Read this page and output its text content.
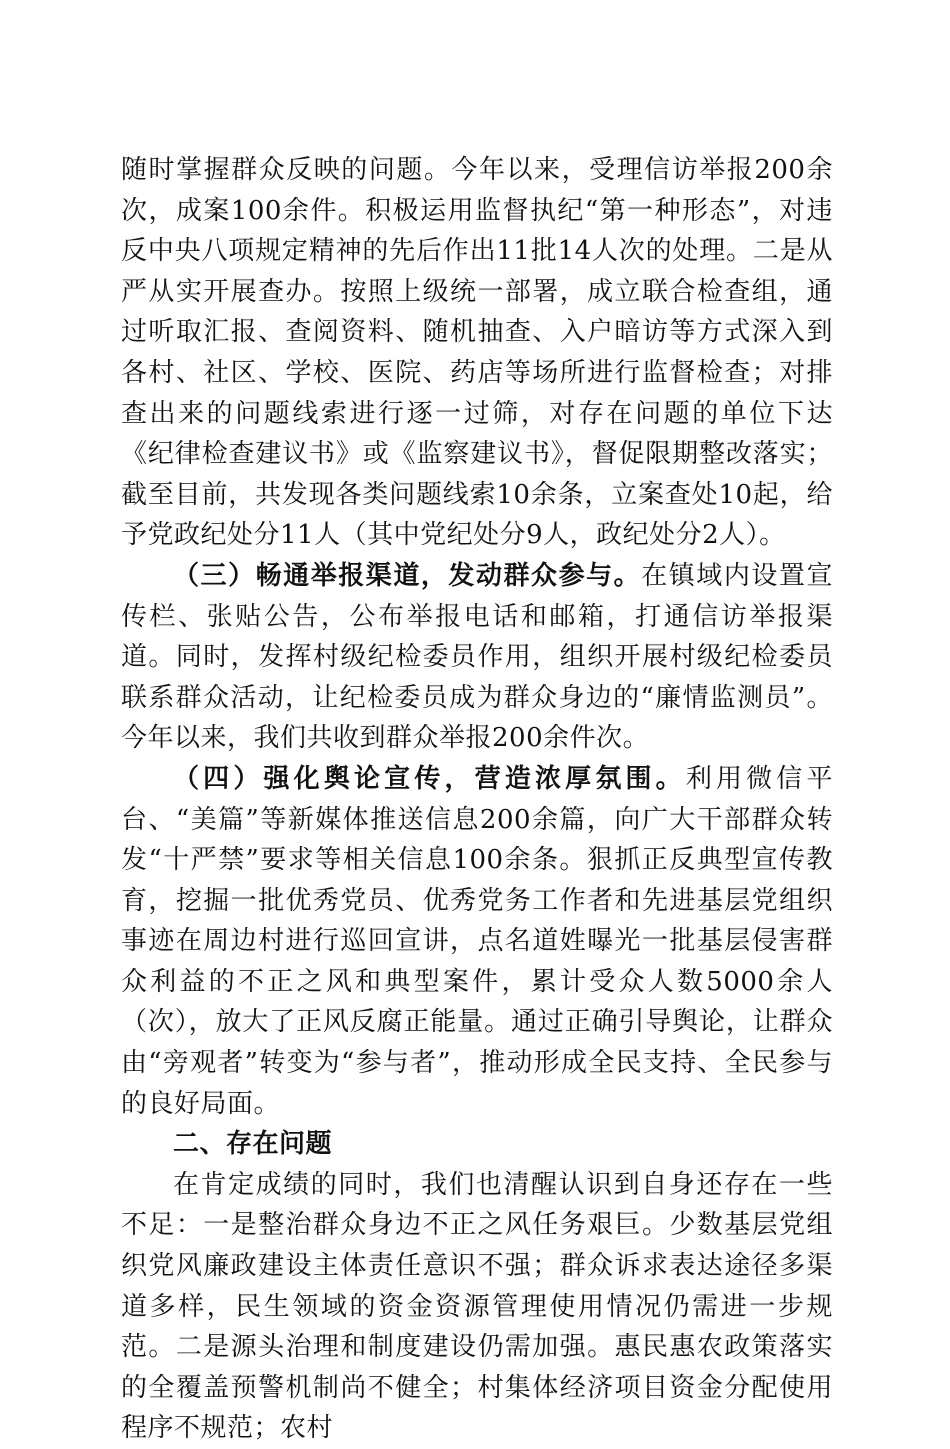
随时掌握群众反映的问题。今年以来，受理信访举报200余次，成案100余件。积极运用监督执纪“第一种形态”，对违反中央八项规定精神的先后作出11批14人次的处理。二是从严从实开展查办。按照上级统一部署，成立联合检查组，通过听取汇报、查阅资料、随机抽查、入户暗访等方式深入到各村、社区、学校、医院、药店等场所进行监督检查；对排查出来的问题线索进行逐一过筛，对存在问题的单位下达《纪律检查建议书》或《监察建议书》，督促限期整改落实；截至目前，共发现各类问题线索10余条，立案查处10起，给予党政纪处分11人（其中党纪处分9人，政纪处分2人）。

（三）畅通举报渠道，发动群众参与。在镇域内设置宣传栏、张贴公告，公布举报电话和邮箱，打通信访举报渠道。同时，发挥村级纪检委员作用，组织开展村级纪检委员联系群众活动，让纪检委员成为群众身边的“廉情监测员”。今年以来，我们共收到群众举报200余件次。

（四）强化舆论宣传，营造浓厚氛围。利用微信平台、“美篇”等新媒体推送信息200余篇，向广大干部群众转发“十严禁”要求等相关信息100余条。狠抓正反典型宣传教育，挖掘一批优秀党员、优秀党务工作者和先进基层党组织事迹在周边村进行巡回宣讲，点名道姓曝光一批基层侵害群众利益的不正之风和典型案件，累计受众人数5000余人（次），放大了正风反腐正能量。通过正确引导舆论，让群众由“旁观者”转变为“参与者”，推动形成全民支持、全民参与的良好局面。

二、存在问题

在肯定成绩的同时，我们也清醒认识到自身还存在一些不足：一是整治群众身边不正之风任务艰巨。少数基层党组织党风廉政建设主体责任意识不强；群众诉求表达途径多渠道多样，民生领域的资金资源管理使用情况仍需进一步规范。二是源头治理和制度建设仍需加强。惠民惠农政策落实的全覆盖预警机制尚不健全；村集体经济项目资金分配使用程序不规范；农村
